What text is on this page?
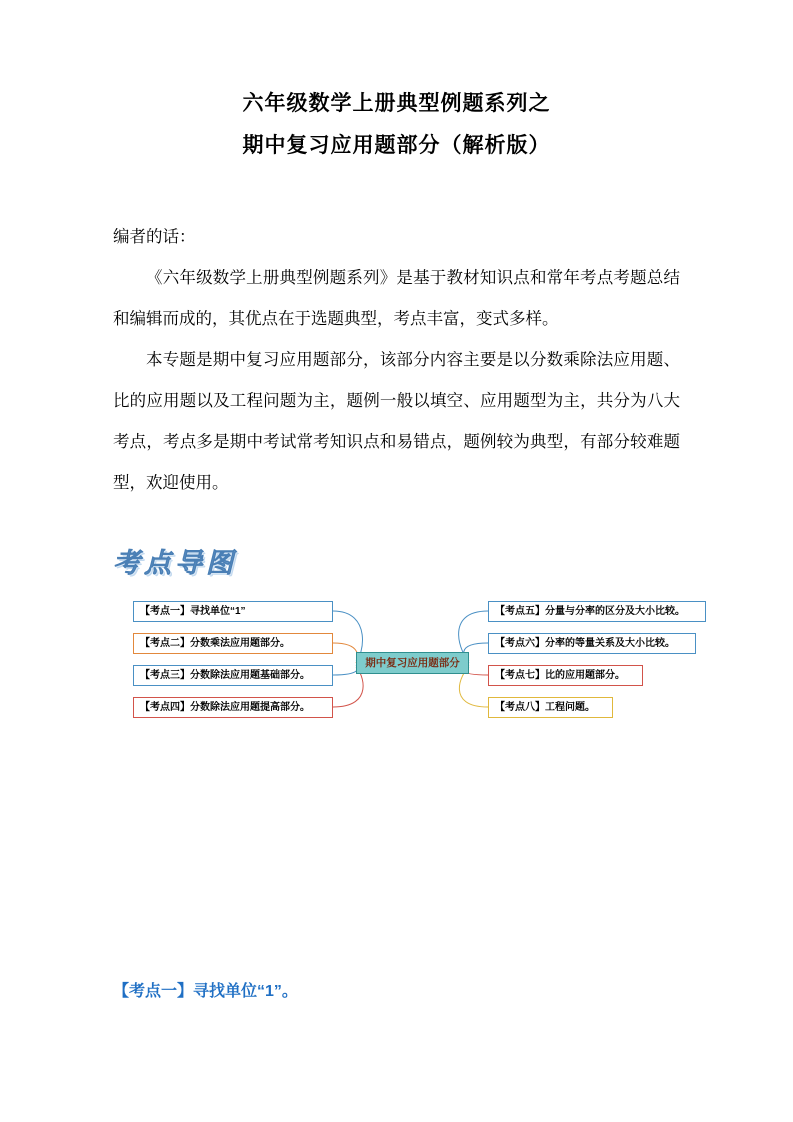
六年级数学上册典型例题系列之
期中复习应用题部分（解析版）
编者的话：
《六年级数学上册典型例题系列》是基于教材知识点和常年考点考题总结和编辑而成的，其优点在于选题典型，考点丰富，变式多样。
本专题是期中复习应用题部分，该部分内容主要是以分数乘除法应用题、比的应用题以及工程问题为主，题例一般以填空、应用题型为主，共分为八大考点，考点多是期中考试常考知识点和易错点，题例较为典型，有部分较难题型，欢迎使用。
考点导图
【考点一】寻找单位“1”
【考点二】分数乘法应用题部分。
【考点三】分数除法应用题基础部分。
【考点四】分数除法应用题提高部分。
【考点五】分量与分率的区分及大小比较。
【考点六】分率的等量关系及大小比较。
【考点七】比的应用题部分。
【考点八】工程问题。
期中复习应用题部分
【考点一】寻找单位“1”。
